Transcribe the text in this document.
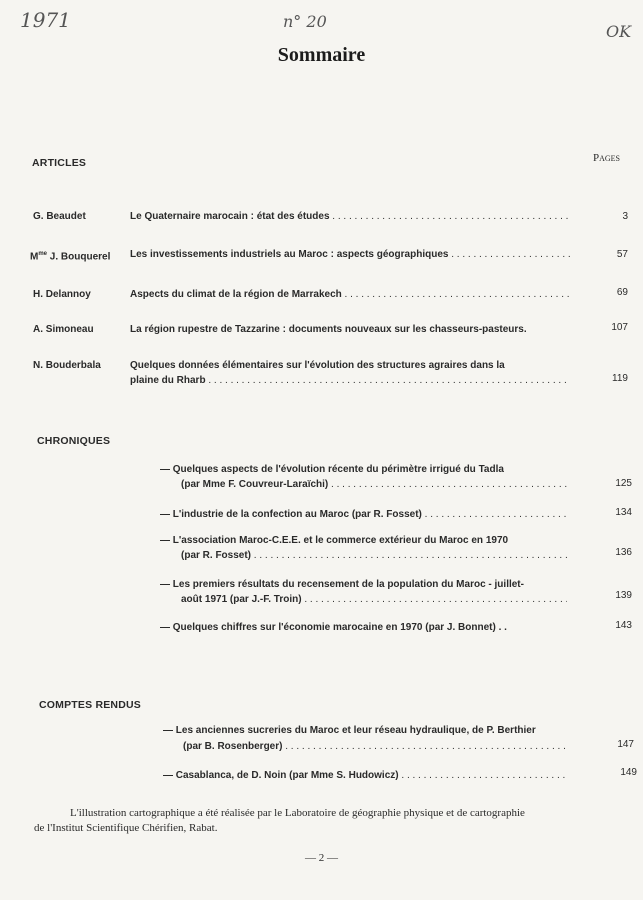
1971	n° 20
OK

Sommaire
ARTICLES	Pages
G. Beaudet	Le Quaternaire marocain : état des études . . .	3
$M^{me}$ J. Bouquerel	Les investissements industriels au Maroc : aspects géographiques . . .	57
H. Delannoy	Aspects du climat de la région de Marrakech . . .	69
A. Simoneau	La région rupestre de Tazzarine : documents nouveaux sur les chasseurs-pasteurs.	107
N. Bouderbala	Quelques données élémentaires sur l'évolution des structures agraires dans la
plaine du Rharb . . .	119
CHRONIQUES
— Quelques aspects de l'évolution récente du périmètre irrigué du Tadla
(par Mme F. Couvreur-Laraïchi) . . .	125
— L'industrie de la confection au Maroc (par R. Fosset) . . .	134
— L'association Maroc-C.E.E. et le commerce extérieur du Maroc en 1970
(par R. Fosset) . . .	136
— Les premiers résultats du recensement de la population du Maroc - juillet-
août 1971 (par J.-F. Troin) . . .	139
— Quelques chiffres sur l'économie marocaine en 1970 (par J. Bonnet) . .	143
COMPTES RENDUS
— Les anciennes sucreries du Maroc et leur réseau hydraulique, de P. Berthier
(par B. Rosenberger) . . .	147
— Casablanca, de D. Noin (par Mme S. Hudowicz) . . .	149
L'illustration cartographique a été réalisée par le Laboratoire de géographie physique et de cartographie
de l'Institut Scientifique Chérifien, Rabat.
— 2 —
